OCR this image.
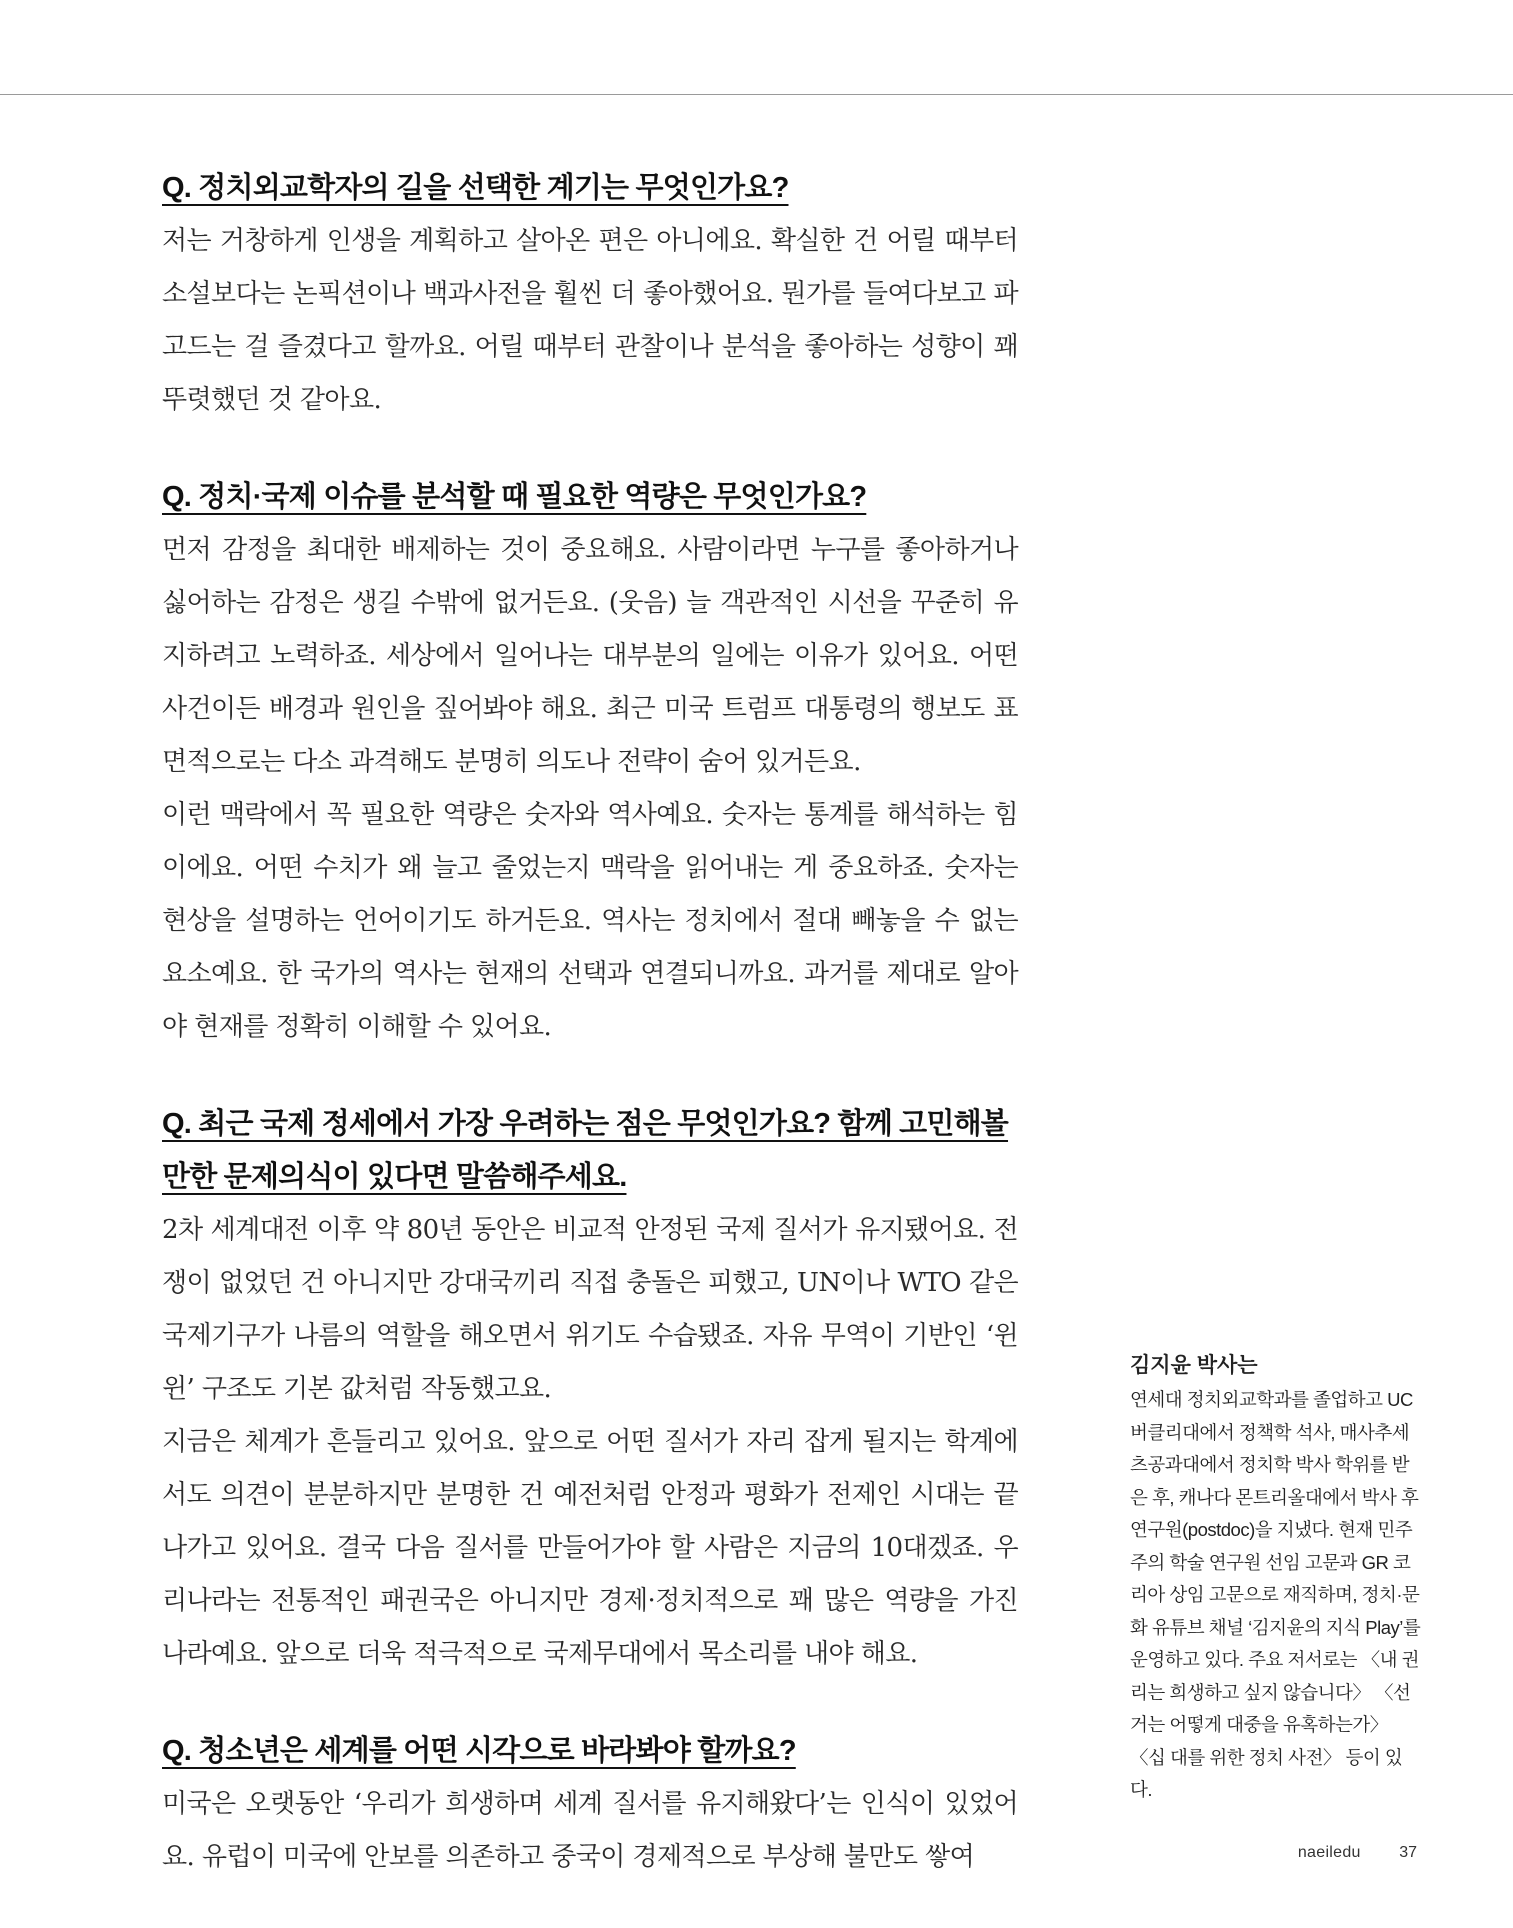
Q. 정치외교학자의 길을 선택한 계기는 무엇인가요?

저는 거창하게 인생을 계획하고 살아온 편은 아니에요. 확실한 건 어릴 때부터 소설보다는 논픽션이나 백과사전을 훨씬 더 좋아했어요. 뭔가를 들여다보고 파고드는 걸 즐겼다고 할까요. 어릴 때부터 관찰이나 분석을 좋아하는 성향이 꽤 뚜렷했던 것 같아요.

Q. 정치·국제 이슈를 분석할 때 필요한 역량은 무엇인가요?

먼저 감정을 최대한 배제하는 것이 중요해요. 사람이라면 누구를 좋아하거나 싫어하는 감정은 생길 수밖에 없거든요. (웃음) 늘 객관적인 시선을 꾸준히 유지하려고 노력하죠. 세상에서 일어나는 대부분의 일에는 이유가 있어요. 어떤 사건이든 배경과 원인을 짚어봐야 해요. 최근 미국 트럼프 대통령의 행보도 표면적으로는 다소 과격해도 분명히 의도나 전략이 숨어 있거든요.

이런 맥락에서 꼭 필요한 역량은 숫자와 역사예요. 숫자는 통계를 해석하는 힘이에요. 어떤 수치가 왜 늘고 줄었는지 맥락을 읽어내는 게 중요하죠. 숫자는 현상을 설명하는 언어이기도 하거든요. 역사는 정치에서 절대 빼놓을 수 없는 요소예요. 한 국가의 역사는 현재의 선택과 연결되니까요. 과거를 제대로 알아야 현재를 정확히 이해할 수 있어요.

Q. 최근 국제 정세에서 가장 우려하는 점은 무엇인가요? 함께 고민해볼 만한 문제의식이 있다면 말씀해주세요.

2차 세계대전 이후 약 80년 동안은 비교적 안정된 국제 질서가 유지됐어요. 전쟁이 없었던 건 아니지만 강대국끼리 직접 충돌은 피했고, UN이나 WTO 같은 국제기구가 나름의 역할을 해오면서 위기도 수습됐죠. 자유 무역이 기반인 ‘윈윈’ 구조도 기본 값처럼 작동했고요.

지금은 체계가 흔들리고 있어요. 앞으로 어떤 질서가 자리 잡게 될지는 학계에서도 의견이 분분하지만 분명한 건 예전처럼 안정과 평화가 전제인 시대는 끝나가고 있어요. 결국 다음 질서를 만들어가야 할 사람은 지금의 10대겠죠. 우리나라는 전통적인 패권국은 아니지만 경제·정치적으로 꽤 많은 역량을 가진 나라예요. 앞으로 더욱 적극적으로 국제무대에서 목소리를 내야 해요.

Q. 청소년은 세계를 어떤 시각으로 바라봐야 할까요?

미국은 오랫동안 ‘우리가 희생하며 세계 질서를 유지해왔다’는 인식이 있었어요. 유럽이 미국에 안보를 의존하고 중국이 경제적으로 부상해 불만도 쌓여

김지윤 박사는

연세대 정치외교학과를 졸업하고 UC 버클리대에서 정책학 석사, 매사추세츠공과대에서 정치학 박사 학위를 받은 후, 캐나다 몬트리올대에서 박사 후 연구원(postdoc)을 지냈다. 현재 민주주의 학술 연구원 선임 고문과 GR 코리아 상임 고문으로 재직하며, 정치·문화 유튜브 채널 ‘김지윤의 지식 Play’를 운영하고 있다. 주요 저서로는 〈내 권리는 희생하고 싶지 않습니다〉 〈선거는 어떻게 대중을 유혹하는가〉 〈십 대를 위한 정치 사전〉 등이 있다.

naeiledu 37
